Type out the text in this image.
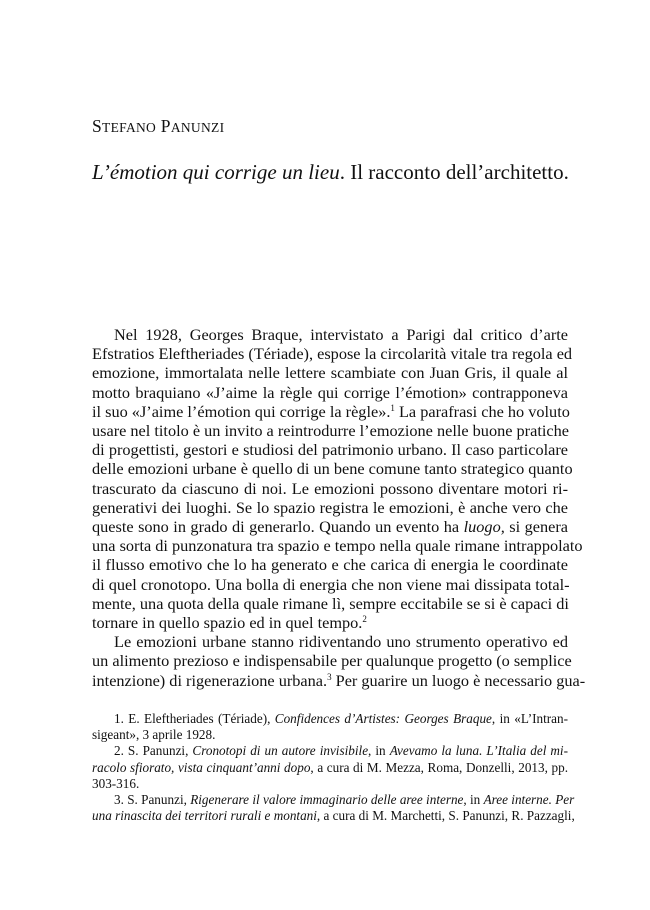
STEFANO PANUNZI
L’émotion qui corrige un lieu. Il racconto dell’architetto.
Nel 1928, Georges Braque, intervistato a Parigi dal critico d’arte
Efstratios Eleftheriades (Tériade), espose la circolarità vitale tra regola ed
emozione, immortalata nelle lettere scambiate con Juan Gris, il quale al
motto braquiano «J’aime la règle qui corrige l’émotion» contrapponeva
il suo «J’aime l’émotion qui corrige la règle».$^1$ La parafrasi che ho voluto
usare nel titolo è un invito a reintrodurre l’emozione nelle buone pratiche
di progettisti, gestori e studiosi del patrimonio urbano. Il caso particolare
delle emozioni urbane è quello di un bene comune tanto strategico quanto
trascurato da ciascuno di noi. Le emozioni possono diventare motori ri-
generativi dei luoghi. Se lo spazio registra le emozioni, è anche vero che
queste sono in grado di generarlo. Quando un evento ha luogo, si genera
una sorta di punzonatura tra spazio e tempo nella quale rimane intrappolato
il flusso emotivo che lo ha generato e che carica di energia le coordinate
di quel cronotopo. Una bolla di energia che non viene mai dissipata total-
mente, una quota della quale rimane lì, sempre eccitabile se si è capaci di
tornare in quello spazio ed in quel tempo.$^2$
Le emozioni urbane stanno ridiventando uno strumento operativo ed
un alimento prezioso e indispensabile per qualunque progetto (o semplice
intenzione) di rigenerazione urbana.$^3$ Per guarire un luogo è necessario gua-
1. E. Eleftheriades (Tériade), Confidences d’Artistes: Georges Braque, in «L’Intran-
sigeant», 3 aprile 1928.
2. S. Panunzi, Cronotopi di un autore invisibile, in Avevamo la luna. L’Italia del mi-
racolo sfiorato, vista cinquant’anni dopo, a cura di M. Mezza, Roma, Donzelli, 2013, pp.
303-316.
3. S. Panunzi, Rigenerare il valore immaginario delle aree interne, in Aree interne. Per
una rinascita dei territori rurali e montani, a cura di M. Marchetti, S. Panunzi, R. Pazzagli,
